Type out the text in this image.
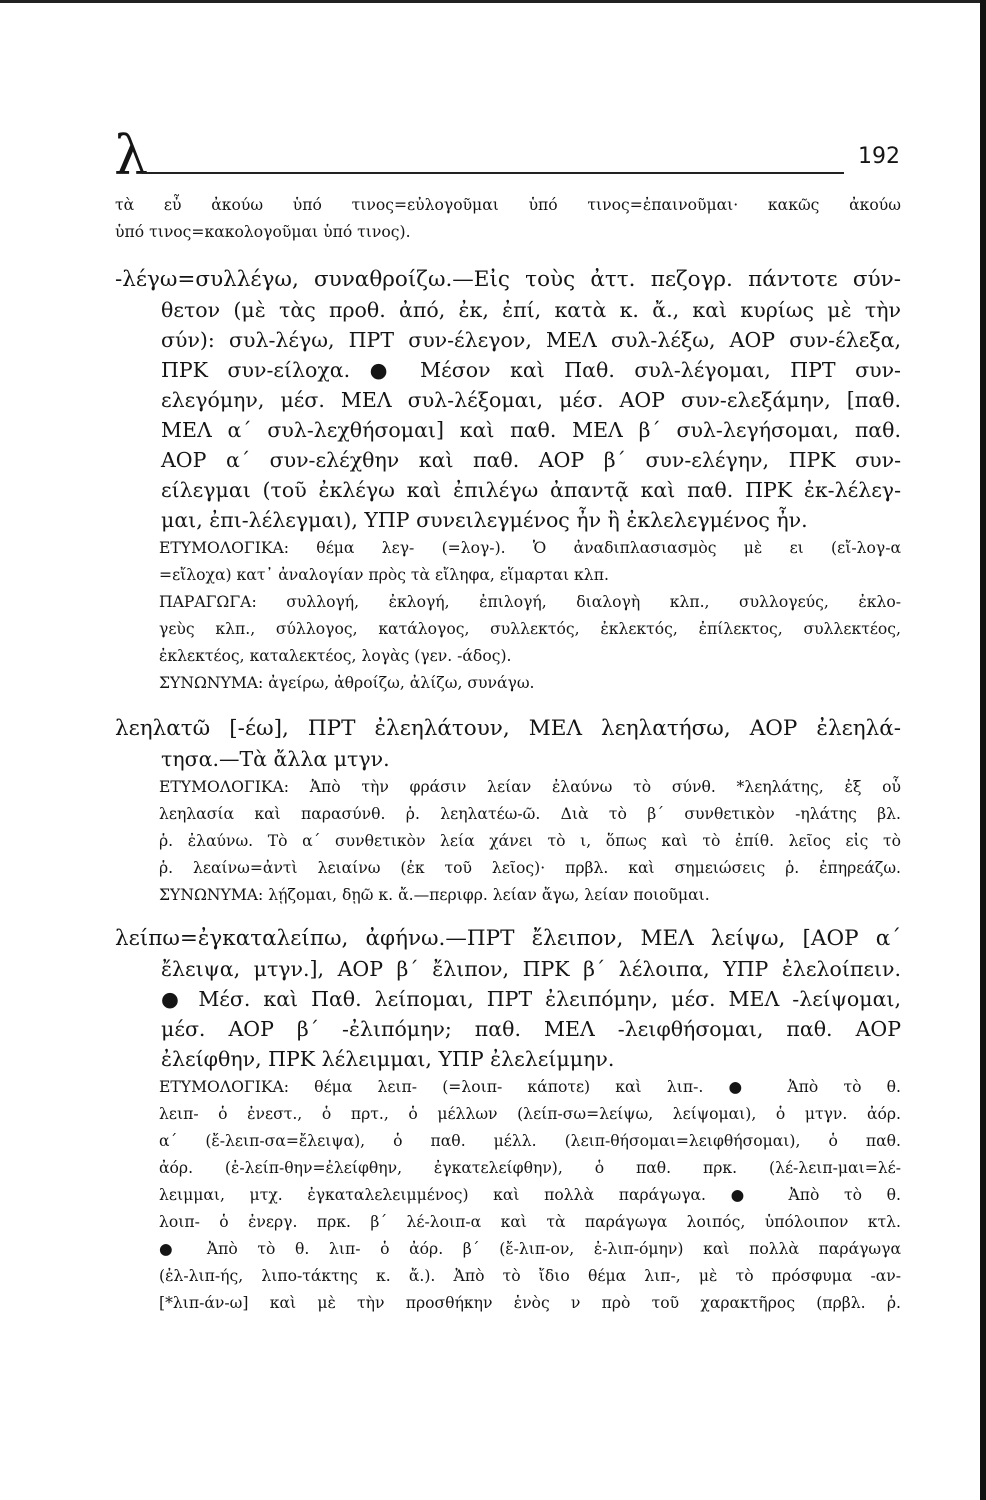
λ	192
τὰ εὖ ἀκούω ὑπό τινος=εὐλογοῦμαι ὑπό τινος=ἐπαινοῦμαι· κακῶς ἀκούω
ὑπό τινος=κακολογοῦμαι ὑπό τινος).
-λέγω=συλλέγω, συναθροίζω.—Εἰς τοὺς ἀττ. πεζογρ. πάντοτε σύν-
θετον (μὲ τὰς προθ. ἀπό, ἐκ, ἐπί, κατὰ κ. ἄ., καὶ κυρίως μὲ τὴν
σύν): συλ-λέγω, ΠΡΤ συν-έλεγον, ΜΕΛ συλ-λέξω, ΑΟΡ συν-έλεξα,
ΠΡΚ συν-είλοχα. ● Μέσον καὶ Παθ. συλ-λέγομαι, ΠΡΤ συν-
ελεγόμην, μέσ. ΜΕΛ συλ-λέξομαι, μέσ. ΑΟΡ συν-ελεξάμην, [παθ.
ΜΕΛ α΄ συλ-λεχθήσομαι] καὶ παθ. ΜΕΛ β΄ συλ-λεγήσομαι, παθ.
ΑΟΡ α΄ συν-ελέχθην καὶ παθ. ΑΟΡ β΄ συν-ελέγην, ΠΡΚ συν-
είλεγμαι (τοῦ ἐκλέγω καὶ ἐπιλέγω ἀπαντᾷ καὶ παθ. ΠΡΚ ἐκ-λέλεγ-
μαι, ἐπι-λέλεγμαι), ΥΠΡ συνειλεγμένος ἦν ἢ ἐκλελεγμένος ἦν.
ΕΤΥΜΟΛΟΓΙΚΑ: θέμα λεγ- (=λογ-). Ὁ ἀναδιπλασιασμὸς μὲ ει (εἴ-λογ-α
=εἴλοχα) κατ᾽ ἀναλογίαν πρὸς τὰ εἴληφα, εἵμαρται κλπ.
ΠΑΡΑΓΩΓΑ: συλλογή, ἐκλογή, ἐπιλογή, διαλογὴ κλπ., συλλογεύς, ἐκλο-
γεὺς κλπ., σύλλογος, κατάλογος, συλλεκτός, ἐκλεκτός, ἐπίλεκτος, συλλεκτέος,
ἐκλεκτέος, καταλεκτέος, λογὰς (γεν. -άδος).
ΣΥΝΩΝΥΜΑ: ἀγείρω, ἀθροίζω, ἀλίζω, συνάγω.
λεηλατῶ [-έω], ΠΡΤ ἐλεηλάτουν, ΜΕΛ λεηλατήσω, ΑΟΡ ἐλεηλά-
τησα.—Τὰ ἄλλα μτγν.
ΕΤΥΜΟΛΟΓΙΚΑ: Ἀπὸ τὴν φράσιν λείαν ἐλαύνω τὸ σύνθ. *λεηλάτης, ἐξ οὗ
λεηλασία καὶ παρασύνθ. ῥ. λεηλατέω-ῶ. Διὰ τὸ β΄ συνθετικὸν -ηλάτης βλ.
ῥ. ἐλαύνω. Τὸ α΄ συνθετικὸν λεία χάνει τὸ ι, ὅπως καὶ τὸ ἐπίθ. λεῖος εἰς τὸ
ῥ. λεαίνω=ἀντὶ λειαίνω (ἐκ τοῦ λεῖος)· πρβλ. καὶ σημειώσεις ῥ. ἐπηρεάζω.
ΣΥΝΩΝΥΜΑ: λῄζομαι, δῃῶ κ. ἄ.—περιφρ. λείαν ἄγω, λείαν ποιοῦμαι.
λείπω=ἐγκαταλείπω, ἀφήνω.—ΠΡΤ ἔλειπον, ΜΕΛ λείψω, [ΑΟΡ α΄
ἔλειψα, μτγν.], ΑΟΡ β΄ ἔλιπον, ΠΡΚ β΄ λέλοιπα, ΥΠΡ ἐλελοίπειν.
● Μέσ. καὶ Παθ. λείπομαι, ΠΡΤ ἐλειπόμην, μέσ. ΜΕΛ -λείψομαι,
μέσ. ΑΟΡ β΄ -ἐλιπόμην; παθ. ΜΕΛ -λειφθήσομαι, παθ. ΑΟΡ
ἐλείφθην, ΠΡΚ λέλειμμαι, ΥΠΡ ἐλελείμμην.
ΕΤΥΜΟΛΟΓΙΚΑ: θέμα λειπ- (=λοιπ- κάποτε) καὶ λιπ-. ● Ἀπὸ τὸ θ.
λειπ- ὁ ἐνεστ., ὁ πρτ., ὁ μέλλων (λείπ-σω=λείψω, λείψομαι), ὁ μτγν. ἀόρ.
α΄ (ἔ-λειπ-σα=ἔλειψα), ὁ παθ. μέλλ. (λειπ-θήσομαι=λειφθήσομαι), ὁ παθ.
ἀόρ. (ἐ-λείπ-θην=ἐλείφθην, ἐγκατελείφθην), ὁ παθ. πρκ. (λέ-λειπ-μαι=λέ-
λειμμαι, μτχ. ἐγκαταλελειμμένος) καὶ πολλὰ παράγωγα. ● Ἀπὸ τὸ θ.
λοιπ- ὁ ἐνεργ. πρκ. β΄ λέ-λοιπ-α καὶ τὰ παράγωγα λοιπός, ὑπόλοιπον κτλ.
● Ἀπὸ τὸ θ. λιπ- ὁ ἀόρ. β΄ (ἔ-λιπ-ον, ἐ-λιπ-όμην) καὶ πολλὰ παράγωγα
(ἐλ-λιπ-ής, λιπο-τάκτης κ. ἄ.). Ἀπὸ τὸ ἴδιο θέμα λιπ-, μὲ τὸ πρόσφυμα -αν-
[*λιπ-άν-ω] καὶ μὲ τὴν προσθήκην ἑνὸς ν πρὸ τοῦ χαρακτῆρος (πρβλ. ῥ.
